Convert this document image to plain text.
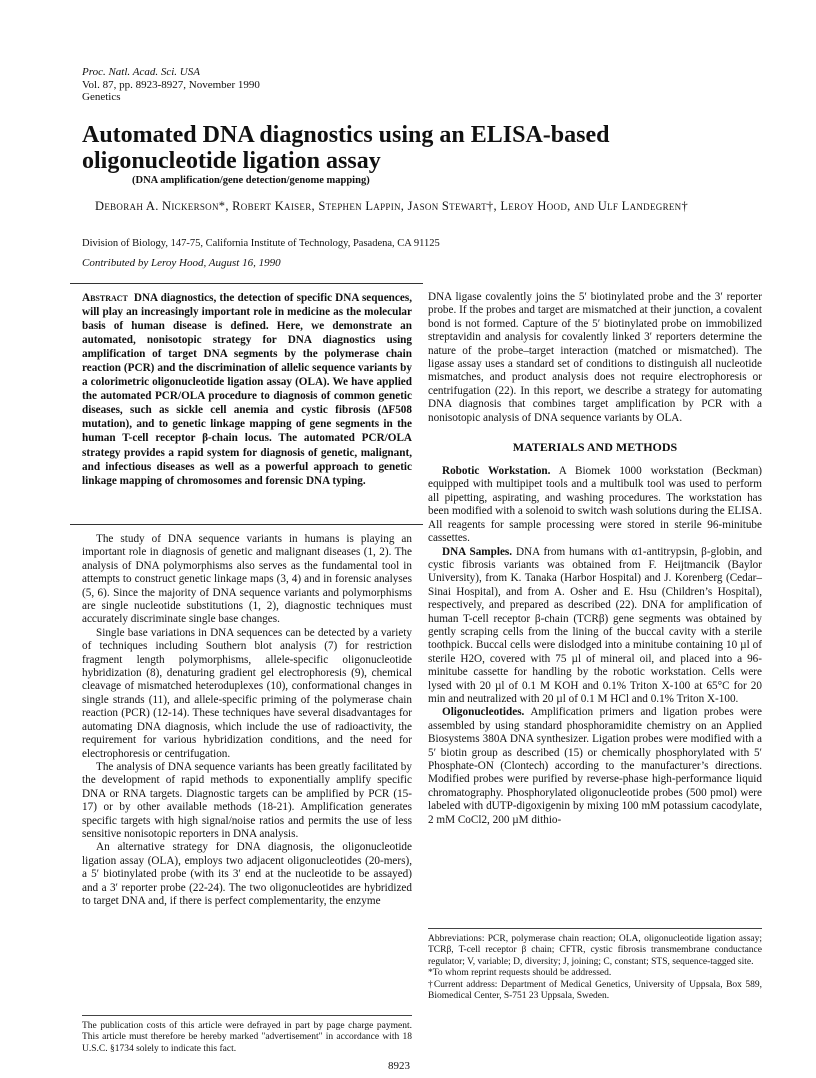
Proc. Natl. Acad. Sci. USA
Vol. 87, pp. 8923-8927, November 1990
Genetics
Automated DNA diagnostics using an ELISA-based oligonucleotide ligation assay
(DNA amplification/gene detection/genome mapping)
Deborah A. Nickerson*, Robert Kaiser, Stephen Lappin, Jason Stewart†, Leroy Hood, and Ulf Landegren†
Division of Biology, 147-75, California Institute of Technology, Pasadena, CA 91125
Contributed by Leroy Hood, August 16, 1990
Abstract DNA diagnostics, the detection of specific DNA sequences, will play an increasingly important role in medicine as the molecular basis of human disease is defined. Here, we demonstrate an automated, nonisotopic strategy for DNA diagnostics using amplification of target DNA segments by the polymerase chain reaction (PCR) and the discrimination of allelic sequence variants by a colorimetric oligonucleotide ligation assay (OLA). We have applied the automated PCR/OLA procedure to diagnosis of common genetic diseases, such as sickle cell anemia and cystic fibrosis (ΔF508 mutation), and to genetic linkage mapping of gene segments in the human T-cell receptor β-chain locus. The automated PCR/OLA strategy provides a rapid system for diagnosis of genetic, malignant, and infectious diseases as well as a powerful approach to genetic linkage mapping of chromosomes and forensic DNA typing.

The study of DNA sequence variants in humans is playing an important role in diagnosis of genetic and malignant diseases (1, 2). The analysis of DNA polymorphisms also serves as the fundamental tool in attempts to construct genetic linkage maps (3, 4) and in forensic analyses (5, 6). Since the majority of DNA sequence variants and polymorphisms are single nucleotide substitutions (1, 2), diagnostic techniques must accurately discriminate single base changes.

Single base variations in DNA sequences can be detected by a variety of techniques including Southern blot analysis (7) for restriction fragment length polymorphisms, allele-specific oligonucleotide hybridization (8), denaturing gradient gel electrophoresis (9), chemical cleavage of mismatched heteroduplexes (10), conformational changes in single strands (11), and allele-specific priming of the polymerase chain reaction (PCR) (12-14). These techniques have several disadvantages for automating DNA diagnosis, which include the use of radioactivity, the requirement for various hybridization conditions, and the need for electrophoresis or centrifugation.

The analysis of DNA sequence variants has been greatly facilitated by the development of rapid methods to exponentially amplify specific DNA or RNA targets. Diagnostic targets can be amplified by PCR (15-17) or by other available methods (18-21). Amplification generates specific targets with high signal/noise ratios and permits the use of less sensitive nonisotopic reporters in DNA analysis.

An alternative strategy for DNA diagnosis, the oligonucleotide ligation assay (OLA), employs two adjacent oligonucleotides (20-mers), a 5′ biotinylated probe (with its 3′ end at the nucleotide to be assayed) and a 3′ reporter probe (22-24). The two oligonucleotides are hybridized to target DNA and, if there is perfect complementarity, the enzyme

DNA ligase covalently joins the 5′ biotinylated probe and the 3′ reporter probe. If the probes and target are mismatched at their junction, a covalent bond is not formed. Capture of the 5′ biotinylated probe on immobilized streptavidin and analysis for covalently linked 3′ reporters determine the nature of the probe–target interaction (matched or mismatched). The ligase assay uses a standard set of conditions to distinguish all nucleotide mismatches, and product analysis does not require electrophoresis or centrifugation (22). In this report, we describe a strategy for automating DNA diagnosis that combines target amplification by PCR with a nonisotopic analysis of DNA sequence variants by OLA.

MATERIALS AND METHODS

Robotic Workstation. A Biomek 1000 workstation (Beckman) equipped with multipipet tools and a multibulk tool was used to perform all pipetting, aspirating, and washing procedures. The workstation has been modified with a solenoid to switch wash solutions during the ELISA. All reagents for sample processing were stored in sterile 96-minitube cassettes.

DNA Samples. DNA from humans with α1-antitrypsin, β-globin, and cystic fibrosis variants was obtained from F. Heijtmancik (Baylor University), from K. Tanaka (Harbor Hospital) and J. Korenberg (Cedar–Sinai Hospital), and from A. Osher and E. Hsu (Children’s Hospital), respectively, and prepared as described (22). DNA for amplification of human T-cell receptor β-chain (TCRβ) gene segments was obtained by gently scraping cells from the lining of the buccal cavity with a sterile toothpick. Buccal cells were dislodged into a minitube containing 10 µl of sterile H2O, covered with 75 µl of mineral oil, and placed into a 96-minitube cassette for handling by the robotic workstation. Cells were lysed with 20 µl of 0.1 M KOH and 0.1% Triton X-100 at 65°C for 20 min and neutralized with 20 µl of 0.1 M HCl and 0.1% Triton X-100.

Oligonucleotides. Amplification primers and ligation probes were assembled by using standard phosphoramidite chemistry on an Applied Biosystems 380A DNA synthesizer. Ligation probes were modified with a 5′ biotin group as described (15) or chemically phosphorylated with 5′ Phosphate-ON (Clontech) according to the manufacturer’s directions. Modified probes were purified by reverse-phase high-performance liquid chromatography. Phosphorylated oligonucleotide probes (500 pmol) were labeled with dUTP-digoxigenin by mixing 100 mM potassium cacodylate, 2 mM CoCl2, 200 µM dithio-

Abbreviations: PCR, polymerase chain reaction; OLA, oligonucleotide ligation assay; TCRβ, T-cell receptor β chain; CFTR, cystic fibrosis transmembrane conductance regulator; V, variable; D, diversity; J, joining; C, constant; STS, sequence-tagged site.
*To whom reprint requests should be addressed.
†Current address: Department of Medical Genetics, University of Uppsala, Box 589, Biomedical Center, S-751 23 Uppsala, Sweden.
The publication costs of this article were defrayed in part by page charge payment. This article must therefore be hereby marked "advertisement" in accordance with 18 U.S.C. §1734 solely to indicate this fact.
8923
